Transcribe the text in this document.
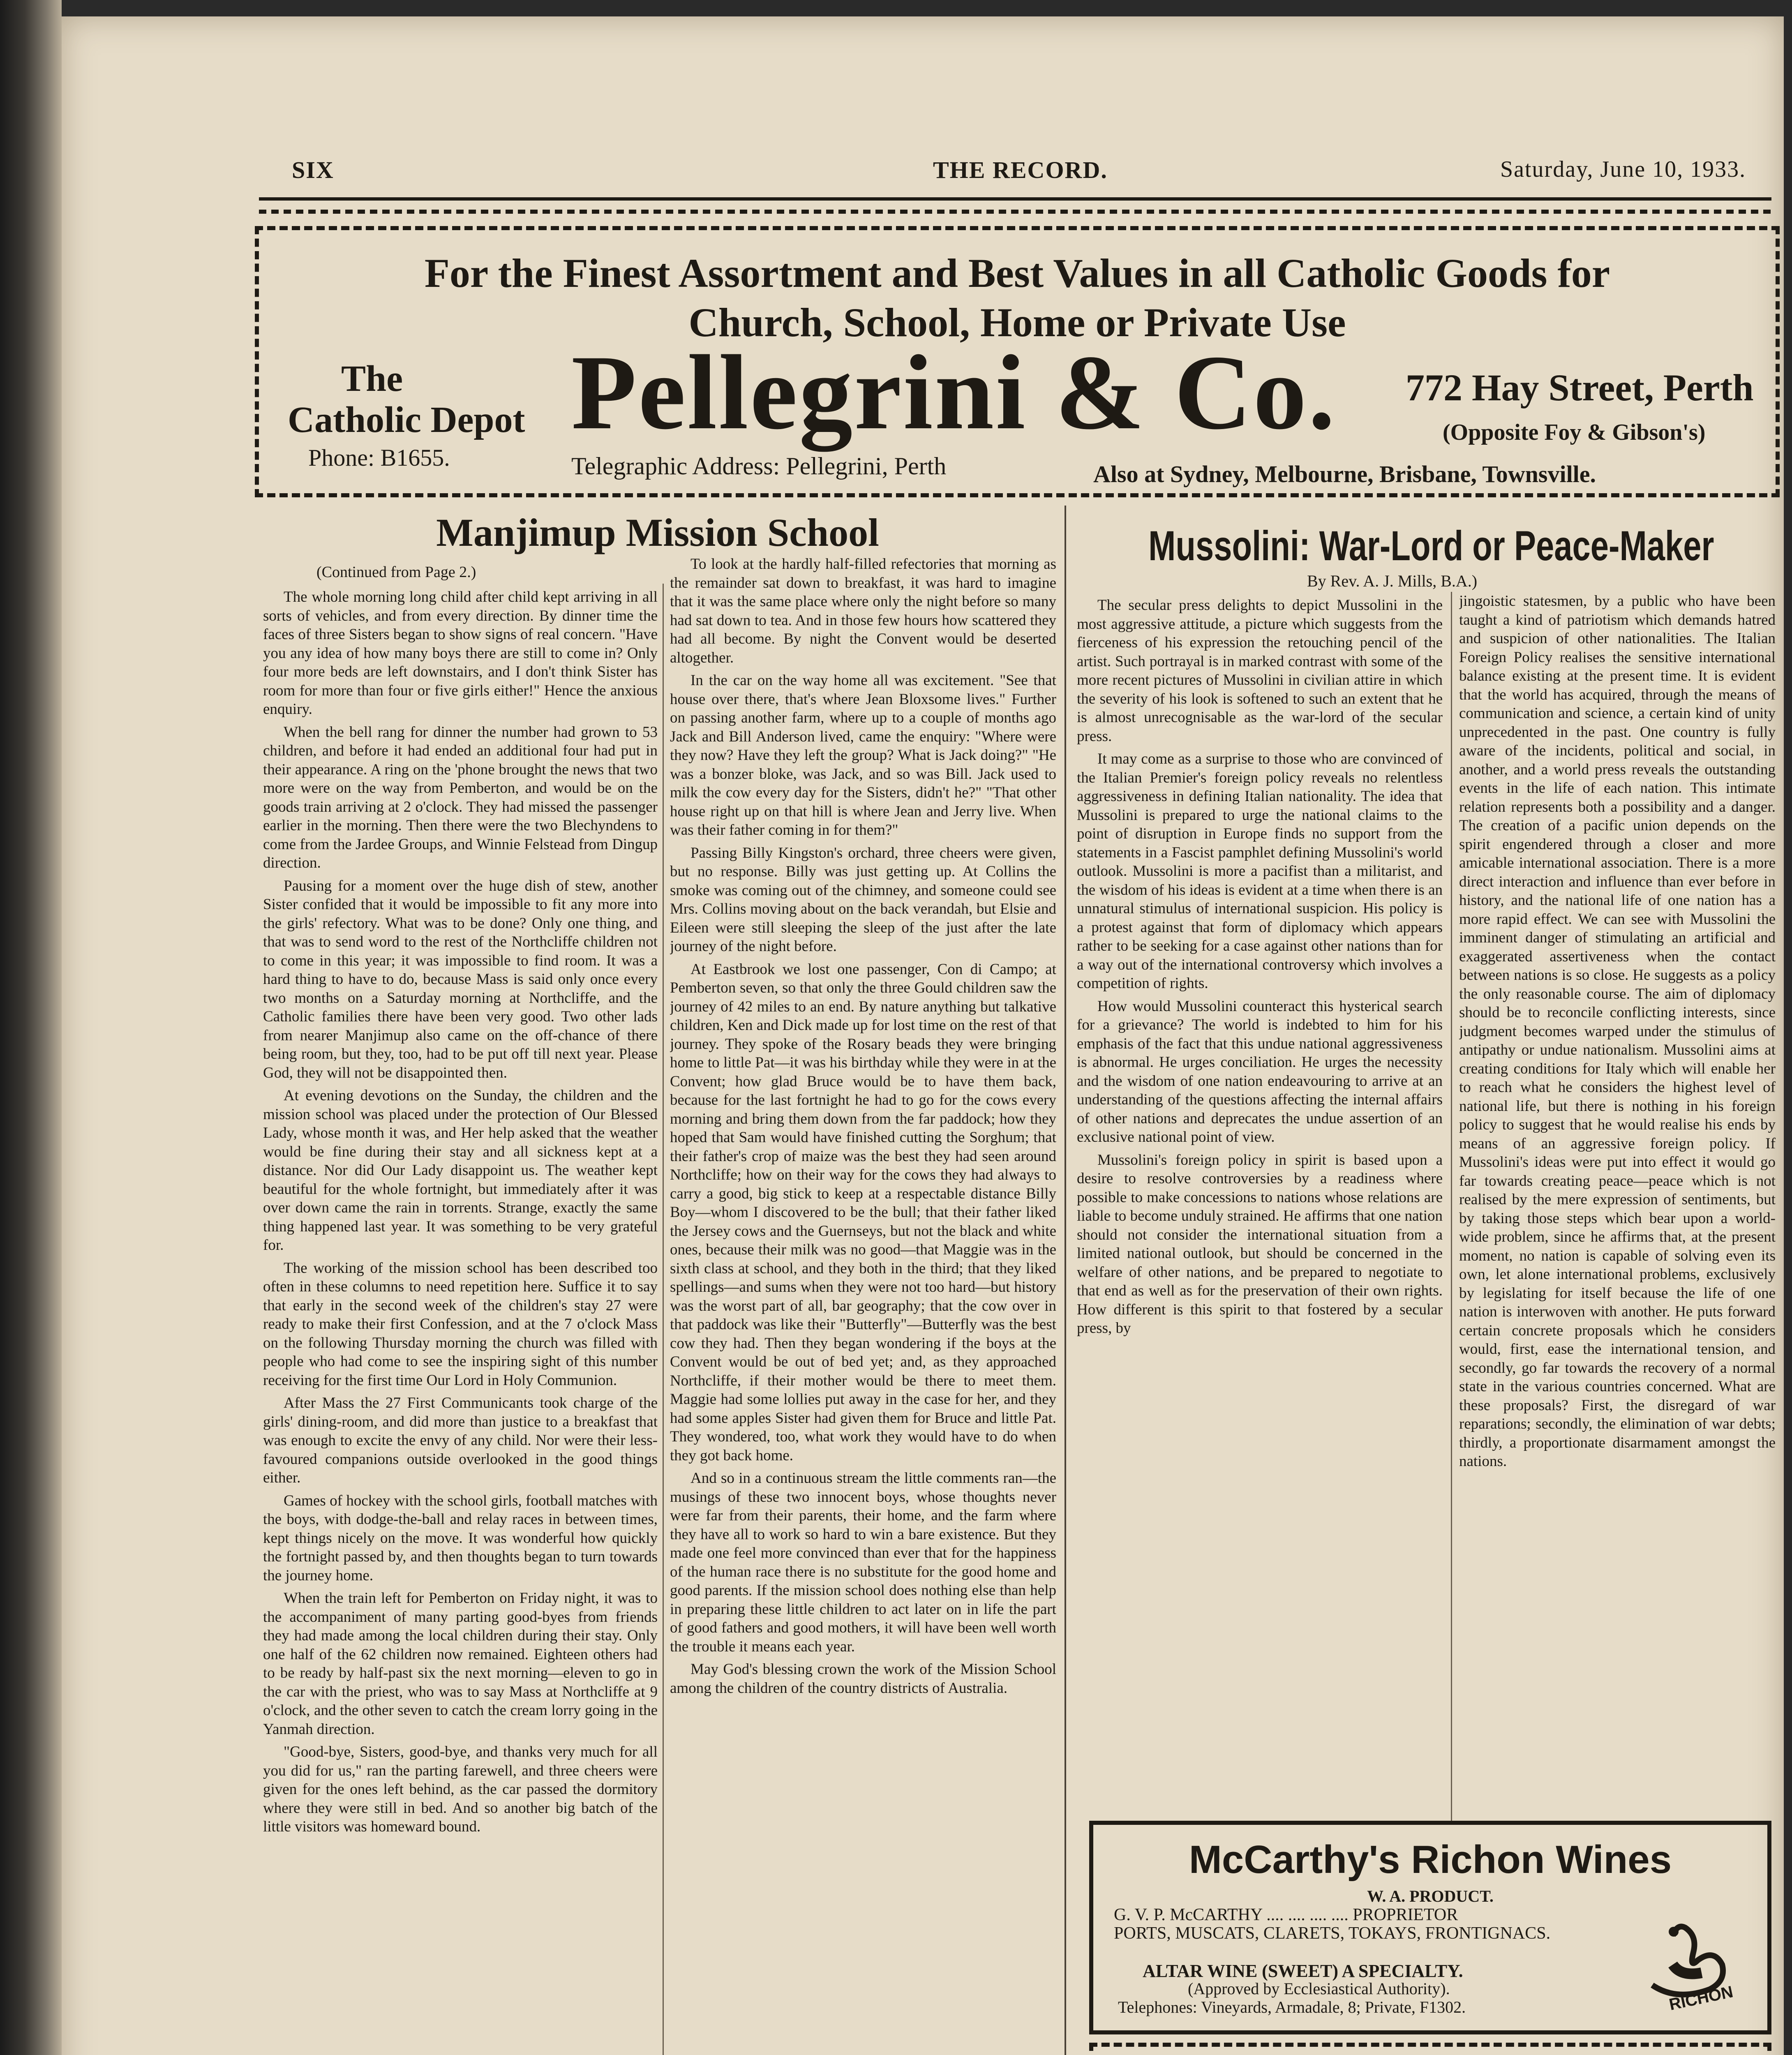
SIX	THE RECORD.	Saturday, June 10, 1933.
For the Finest Assortment and Best Values in all Catholic Goods for
Church, School, Home or Private Use
The
Catholic Depot
Phone: B1655.
Pellegrini & Co.
Telegraphic Address: Pellegrini, Perth
772 Hay Street, Perth
(Opposite Foy & Gibson's)
Also at Sydney, Melbourne, Brisbane, Townsville.
Manjimup Mission School
(Continued from Page 2.)

The whole morning long child after child kept arriving in all sorts of vehicles, and from every direction. By dinner time the faces of three Sisters began to show signs of real concern. "Have you any idea of how many boys there are still to come in? Only four more beds are left downstairs, and I don't think Sister has room for more than four or five girls either!" Hence the anxious enquiry.

When the bell rang for dinner the number had grown to 53 children, and before it had ended an additional four had put in their appearance. A ring on the 'phone brought the news that two more were on the way from Pemberton, and would be on the goods train arriving at 2 o'clock. They had missed the passenger earlier in the morning. Then there were the two Blechyndens to come from the Jardee Groups, and Winnie Felstead from Dingup direction.

Pausing for a moment over the huge dish of stew, another Sister confided that it would be impossible to fit any more into the girls' refectory. What was to be done? Only one thing, and that was to send word to the rest of the Northcliffe children not to come in this year; it was impossible to find room. It was a hard thing to have to do, because Mass is said only once every two months on a Saturday morning at Northcliffe, and the Catholic families there have been very good. Two other lads from nearer Manjimup also came on the off-chance of there being room, but they, too, had to be put off till next year. Please God, they will not be disappointed then.

At evening devotions on the Sunday, the children and the mission school was placed under the protection of Our Blessed Lady, whose month it was, and Her help asked that the weather would be fine during their stay and all sickness kept at a distance. Nor did Our Lady disappoint us. The weather kept beautiful for the whole fortnight, but immediately after it was over down came the rain in torrents. Strange, exactly the same thing happened last year. It was something to be very grateful for.

The working of the mission school has been described too often in these columns to need repetition here. Suffice it to say that early in the second week of the children's stay 27 were ready to make their first Confession, and at the 7 o'clock Mass on the following Thursday morning the church was filled with people who had come to see the inspiring sight of this number receiving for the first time Our Lord in Holy Communion.

After Mass the 27 First Communicants took charge of the girls' dining-room, and did more than justice to a breakfast that was enough to excite the envy of any child. Nor were their less-favoured companions outside overlooked in the good things either.

Games of hockey with the school girls, football matches with the boys, with dodge-the-ball and relay races in between times, kept things nicely on the move. It was wonderful how quickly the fortnight passed by, and then thoughts began to turn towards the journey home.

When the train left for Pemberton on Friday night, it was to the accompaniment of many parting good-byes from friends they had made among the local children during their stay. Only one half of the 62 children now remained. Eighteen others had to be ready by half-past six the next morning—eleven to go in the car with the priest, who was to say Mass at Northcliffe at 9 o'clock, and the other seven to catch the cream lorry going in the Yanmah direction.

"Good-bye, Sisters, good-bye, and thanks very much for all you did for us," ran the parting farewell, and three cheers were given for the ones left behind, as the car passed the dormitory where they were still in bed. And so another big batch of the little visitors was homeward bound.

To look at the hardly half-filled refectories that morning as the remainder sat down to breakfast, it was hard to imagine that it was the same place where only the night before so many had sat down to tea. And in those few hours how scattered they had all become. By night the Convent would be deserted altogether.

In the car on the way home all was excitement. "See that house over there, that's where Jean Bloxsome lives." Further on passing another farm, where up to a couple of months ago Jack and Bill Anderson lived, came the enquiry: "Where were they now? Have they left the group? What is Jack doing?" "He was a bonzer bloke, was Jack, and so was Bill. Jack used to milk the cow every day for the Sisters, didn't he?" "That other house right up on that hill is where Jean and Jerry live. When was their father coming in for them?"

Passing Billy Kingston's orchard, three cheers were given, but no response. Billy was just getting up. At Collins the smoke was coming out of the chimney, and someone could see Mrs. Collins moving about on the back verandah, but Elsie and Eileen were still sleeping the sleep of the just after the late journey of the night before.

At Eastbrook we lost one passenger, Con di Campo; at Pemberton seven, so that only the three Gould children saw the journey of 42 miles to an end. By nature anything but talkative children, Ken and Dick made up for lost time on the rest of that journey. They spoke of the Rosary beads they were bringing home to little Pat—it was his birthday while they were in at the Convent; how glad Bruce would be to have them back, because for the last fortnight he had to go for the cows every morning and bring them down from the far paddock; how they hoped that Sam would have finished cutting the Sorghum; that their father's crop of maize was the best they had seen around Northcliffe; how on their way for the cows they had always to carry a good, big stick to keep at a respectable distance Billy Boy—whom I discovered to be the bull; that their father liked the Jersey cows and the Guernseys, but not the black and white ones, because their milk was no good—that Maggie was in the sixth class at school, and they both in the third; that they liked spellings—and sums when they were not too hard—but history was the worst part of all, bar geography; that the cow over in that paddock was like their "Butterfly"—Butterfly was the best cow they had. Then they began wondering if the boys at the Convent would be out of bed yet; and, as they approached Northcliffe, if their mother would be there to meet them. Maggie had some lollies put away in the case for her, and they had some apples Sister had given them for Bruce and little Pat. They wondered, too, what work they would have to do when they got back home.

And so in a continuous stream the little comments ran—the musings of these two innocent boys, whose thoughts never were far from their parents, their home, and the farm where they have all to work so hard to win a bare existence. But they made one feel more convinced than ever that for the happiness of the human race there is no substitute for the good home and good parents. If the mission school does nothing else than help in preparing these little children to act later on in life the part of good fathers and good mothers, it will have been well worth the trouble it means each year.

May God's blessing crown the work of the Mission School among the children of the country districts of Australia.

Mussolini: War-Lord or Peace-Maker
By Rev. A. J. Mills, B.A.)

The secular press delights to depict Mussolini in the most aggressive attitude, a picture which suggests from the fierceness of his expression the retouching pencil of the artist. Such portrayal is in marked contrast with some of the more recent pictures of Mussolini in civilian attire in which the severity of his look is softened to such an extent that he is almost unrecognisable as the war-lord of the secular press.

It may come as a surprise to those who are convinced of the Italian Premier's foreign policy reveals no relentless aggressiveness in defining Italian nationality. The idea that Mussolini is prepared to urge the national claims to the point of disruption in Europe finds no support from the statements in a Fascist pamphlet defining Mussolini's world outlook. Mussolini is more a pacifist than a militarist, and the wisdom of his ideas is evident at a time when there is an unnatural stimulus of international suspicion. His policy is a protest against that form of diplomacy which appears rather to be seeking for a case against other nations than for a way out of the international controversy which involves a competition of rights.

How would Mussolini counteract this hysterical search for a grievance? The world is indebted to him for his emphasis of the fact that this undue national aggressiveness is abnormal. He urges conciliation. He urges the necessity and the wisdom of one nation endeavouring to arrive at an understanding of the questions affecting the internal affairs of other nations and deprecates the undue assertion of an exclusive national point of view.

Mussolini's foreign policy in spirit is based upon a desire to resolve controversies by a readiness where possible to make concessions to nations whose relations are liable to become unduly strained. He affirms that one nation should not consider the international situation from a limited national outlook, but should be concerned in the welfare of other nations, and be prepared to negotiate to that end as well as for the preservation of their own rights. How different is this spirit to that fostered by a secular press, by

jingoistic statesmen, by a public who have been taught a kind of patriotism which demands hatred and suspicion of other nationalities. The Italian Foreign Policy realises the sensitive international balance existing at the present time. It is evident that the world has acquired, through the means of communication and science, a certain kind of unity unprecedented in the past. One country is fully aware of the incidents, political and social, in another, and a world press reveals the outstanding events in the life of each nation. This intimate relation represents both a possibility and a danger. The creation of a pacific union depends on the spirit engendered through a closer and more amicable international association. There is a more direct interaction and influence than ever before in history, and the national life of one nation has a more rapid effect. We can see with Mussolini the imminent danger of stimulating an artificial and exaggerated assertiveness when the contact between nations is so close. He suggests as a policy the only reasonable course. The aim of diplomacy should be to reconcile conflicting interests, since judgment becomes warped under the stimulus of antipathy or undue nationalism. Mussolini aims at creating conditions for Italy which will enable her to reach what he considers the highest level of national life, but there is nothing in his foreign policy to suggest that he would realise his ends by means of an aggressive foreign policy. If Mussolini's ideas were put into effect it would go far towards creating peace—peace which is not realised by the mere expression of sentiments, but by taking those steps which bear upon a world-wide problem, since he affirms that, at the present moment, no nation is capable of solving even its own, let alone international problems, exclusively by legislating for itself because the life of one nation is interwoven with another. He puts forward certain concrete proposals which he considers would, first, ease the international tension, and secondly, go far towards the recovery of a normal state in the various countries concerned. What are these proposals? First, the disregard of war reparations; secondly, the elimination of war debts; thirdly, a proportionate disarmament amongst the nations.

McCarthy's Richon Wines
W. A. PRODUCT.
G. V. P. McCARTHY .... .... .... .... PROPRIETOR
PORTS, MUSCATS, CLARETS, TOKAYS, FRONTIGNACS.
ALTAR WINE (SWEET) A SPECIALTY.
(Approved by Ecclesiastical Authority).
Telephones: Vineyards, Armadale, 8; Private, F1302.	RICHON
